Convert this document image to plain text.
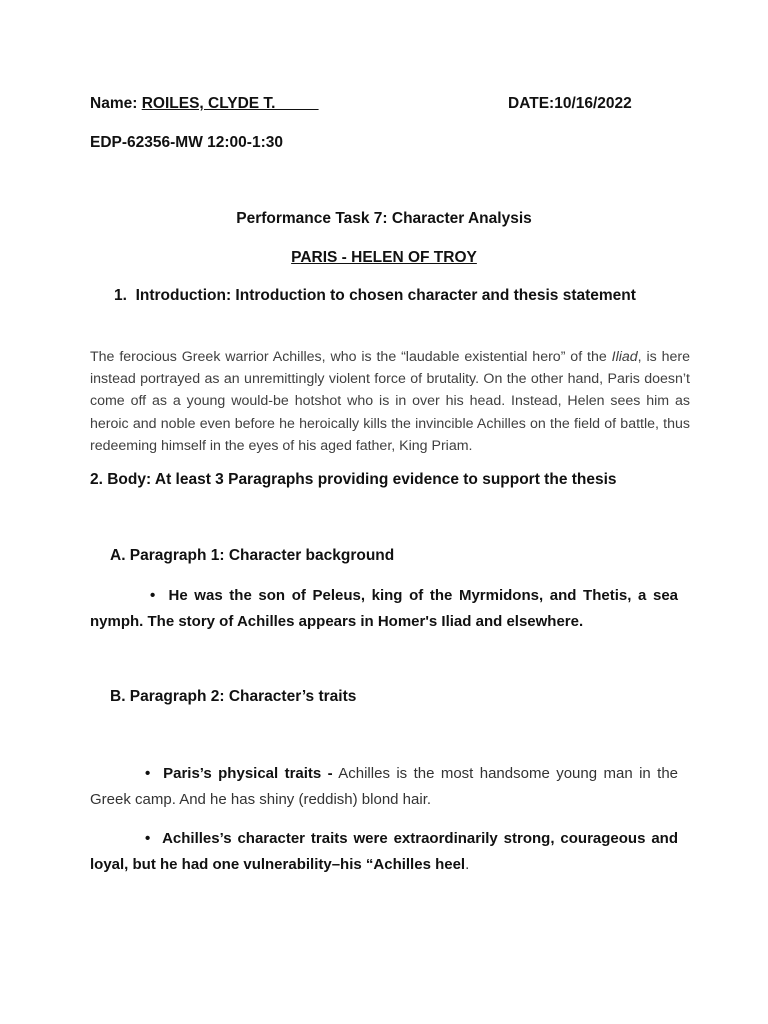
Name: ROILES, CLYDE T.	DATE:10/16/2022
EDP-62356-MW 12:00-1:30
Performance Task 7: Character Analysis
PARIS - HELEN OF TROY
1. Introduction: Introduction to chosen character and thesis statement

The ferocious Greek warrior Achilles, who is the “laudable existential hero” of the Iliad, is here instead portrayed as an unremittingly violent force of brutality. On the other hand, Paris doesn’t come off as a young would-be hotshot who is in over his head. Instead, Helen sees him as heroic and noble even before he heroically kills the invincible Achilles on the field of battle, thus redeeming himself in the eyes of his aged father, King Priam.

2. Body: At least 3 Paragraphs providing evidence to support the thesis
A. Paragraph 1: Character background

• He was the son of Peleus, king of the Myrmidons, and Thetis, a sea nymph. The story of Achilles appears in Homer's Iliad and elsewhere.

B. Paragraph 2: Character’s traits

• Paris’s physical traits - Achilles is the most handsome young man in the Greek camp. And he has shiny (reddish) blond hair.

• Achilles’s character traits were extraordinarily strong, courageous and loyal, but he had one vulnerability–his “Achilles heel.
